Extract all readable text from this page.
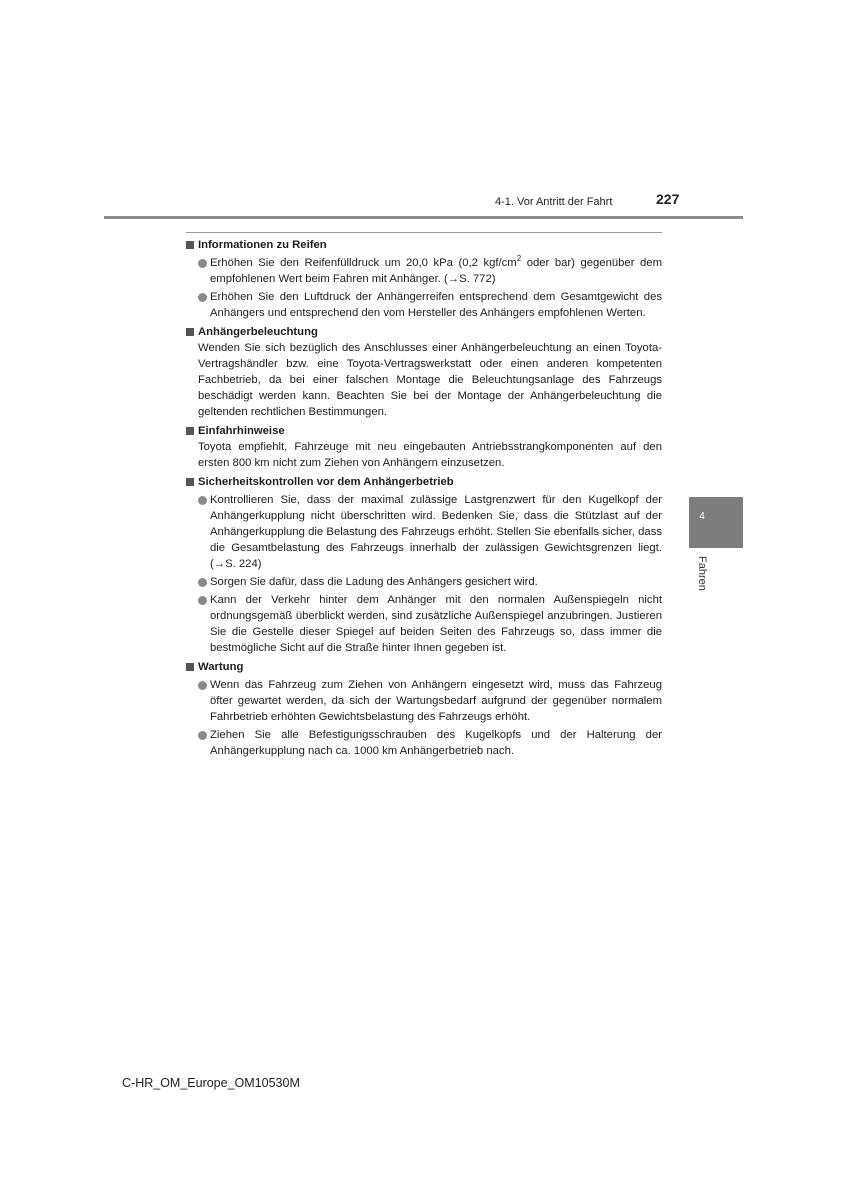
4-1. Vor Antritt der Fahrt	227
Informationen zu Reifen
Erhöhen Sie den Reifenfülldruck um 20,0 kPa (0,2 kgf/$cm^2$ oder bar) gegenüber dem empfohlenen Wert beim Fahren mit Anhänger. (→S. 772)
Erhöhen Sie den Luftdruck der Anhängerreifen entsprechend dem Gesamtgewicht des Anhängers und entsprechend den vom Hersteller des Anhängers empfohlenen Werten.
Anhängerbeleuchtung
Wenden Sie sich bezüglich des Anschlusses einer Anhängerbeleuchtung an einen Toyota-Vertragshändler bzw. eine Toyota-Vertragswerkstatt oder einen anderen kompetenten Fachbetrieb, da bei einer falschen Montage die Beleuchtungsanlage des Fahrzeugs beschädigt werden kann. Beachten Sie bei der Montage der Anhängerbeleuchtung die geltenden rechtlichen Bestimmungen.
Einfahrhinweise
Toyota empfiehlt, Fahrzeuge mit neu eingebauten Antriebsstrangkomponenten auf den ersten 800 km nicht zum Ziehen von Anhängern einzusetzen.
Sicherheitskontrollen vor dem Anhängerbetrieb
Kontrollieren Sie, dass der maximal zulässige Lastgrenzwert für den Kugelkopf der Anhängerkupplung nicht überschritten wird. Bedenken Sie, dass die Stützlast auf der Anhängerkupplung die Belastung des Fahrzeugs erhöht. Stellen Sie ebenfalls sicher, dass die Gesamtbelastung des Fahrzeugs innerhalb der zulässigen Gewichtsgrenzen liegt. (→S. 224)
Sorgen Sie dafür, dass die Ladung des Anhängers gesichert wird.
Kann der Verkehr hinter dem Anhänger mit den normalen Außenspiegeln nicht ordnungsgemäß überblickt werden, sind zusätzliche Außenspiegel anzubringen. Justieren Sie die Gestelle dieser Spiegel auf beiden Seiten des Fahrzeugs so, dass immer die bestmögliche Sicht auf die Straße hinter Ihnen gegeben ist.
Wartung
Wenn das Fahrzeug zum Ziehen von Anhängern eingesetzt wird, muss das Fahrzeug öfter gewartet werden, da sich der Wartungsbedarf aufgrund der gegenüber normalem Fahrbetrieb erhöhten Gewichtsbelastung des Fahrzeugs erhöht.
Ziehen Sie alle Befestigungsschrauben des Kugelkopfs und der Halterung der Anhängerkupplung nach ca. 1000 km Anhängerbetrieb nach.
4
Fahren
C-HR_OM_Europe_OM10530M
